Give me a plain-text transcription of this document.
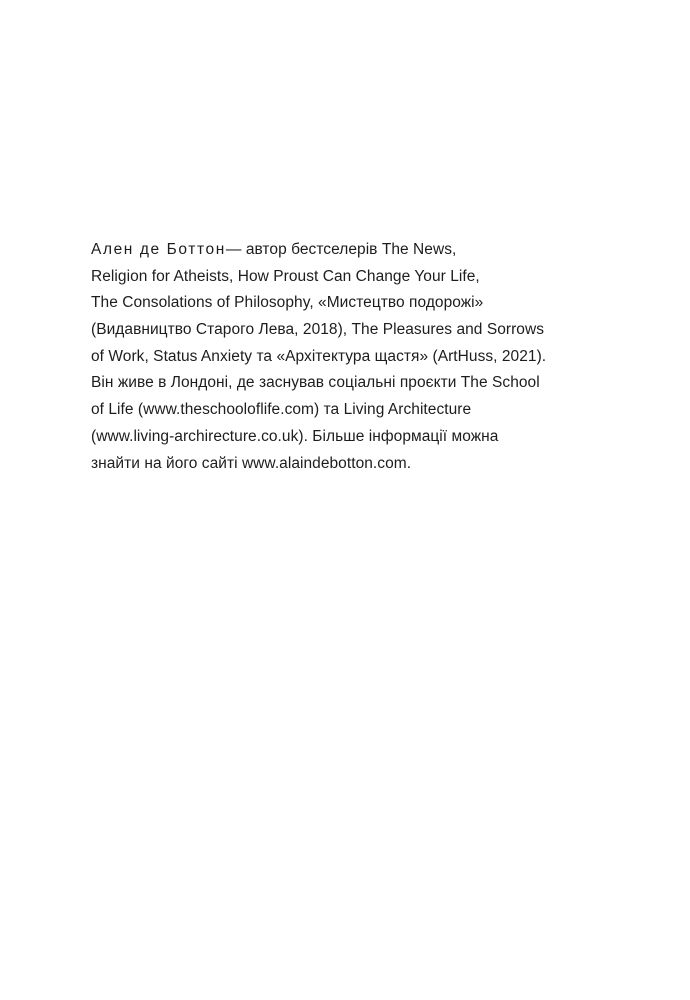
Ален де Боттон— автор бестселерів The News,
Religion for Atheists, How Proust Can Change Your Life,
The Consolations of Philosophy, «Мистецтво подорожі»
(Видавництво Старого Лева, 2018), The Pleasures and Sorrows
of Work, Status Anxiety та «Архітектура щастя» (ArtHuss, 2021).
Він живе в Лондоні, де заснував соціальні проєкти The School
of Life (www.theschooloflife.com) та Living Architecture
(www.living-archirecture.co.uk). Більше інформації можна
знайти на його сайті www.alaindebotton.com.
